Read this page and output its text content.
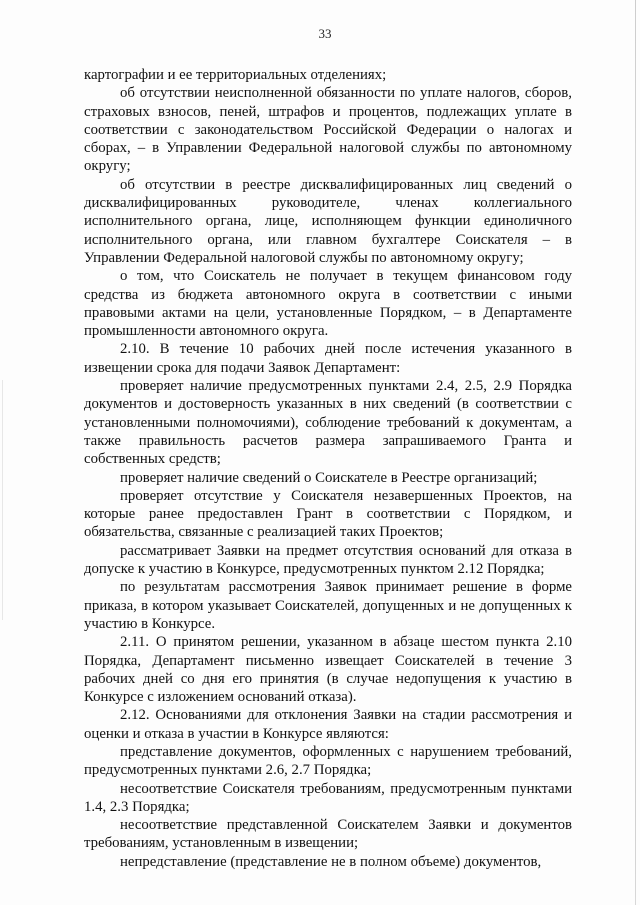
33

картографии и ее территориальных отделениях;

об отсутствии неисполненной обязанности по уплате налогов, сборов, страховых взносов, пеней, штрафов и процентов, подлежащих уплате в соответствии с законодательством Российской Федерации о налогах и сборах, – в Управлении Федеральной налоговой службы по автономному округу;

об отсутствии в реестре дисквалифицированных лиц сведений о дисквалифицированных руководителе, членах коллегиального исполнительного органа, лице, исполняющем функции единоличного исполнительного органа, или главном бухгалтере Соискателя – в Управлении Федеральной налоговой службы по автономному округу;

о том, что Соискатель не получает в текущем финансовом году средства из бюджета автономного округа в соответствии с иными правовыми актами на цели, установленные Порядком, – в Департаменте промышленности автономного округа.

2.10. В течение 10 рабочих дней после истечения указанного в извещении срока для подачи Заявок Департамент:

проверяет наличие предусмотренных пунктами 2.4, 2.5, 2.9 Порядка документов и достоверность указанных в них сведений (в соответствии с установленными полномочиями), соблюдение требований к документам, а также правильность расчетов размера запрашиваемого Гранта и собственных средств;

проверяет наличие сведений о Соискателе в Реестре организаций;

проверяет отсутствие у Соискателя незавершенных Проектов, на которые ранее предоставлен Грант в соответствии с Порядком, и обязательства, связанные с реализацией таких Проектов;

рассматривает Заявки на предмет отсутствия оснований для отказа в допуске к участию в Конкурсе, предусмотренных пунктом 2.12 Порядка;

по результатам рассмотрения Заявок принимает решение в форме приказа, в котором указывает Соискателей, допущенных и не допущенных к участию в Конкурсе.

2.11. О принятом решении, указанном в абзаце шестом пункта 2.10 Порядка, Департамент письменно извещает Соискателей в течение 3 рабочих дней со дня его принятия (в случае недопущения к участию в Конкурсе с изложением оснований отказа).

2.12. Основаниями для отклонения Заявки на стадии рассмотрения и оценки и отказа в участии в Конкурсе являются:

представление документов, оформленных с нарушением требований, предусмотренных пунктами 2.6, 2.7 Порядка;

несоответствие Соискателя требованиям, предусмотренным пунктами 1.4, 2.3 Порядка;

несоответствие представленной Соискателем Заявки и документов требованиям, установленным в извещении;

непредставление (представление не в полном объеме) документов,
